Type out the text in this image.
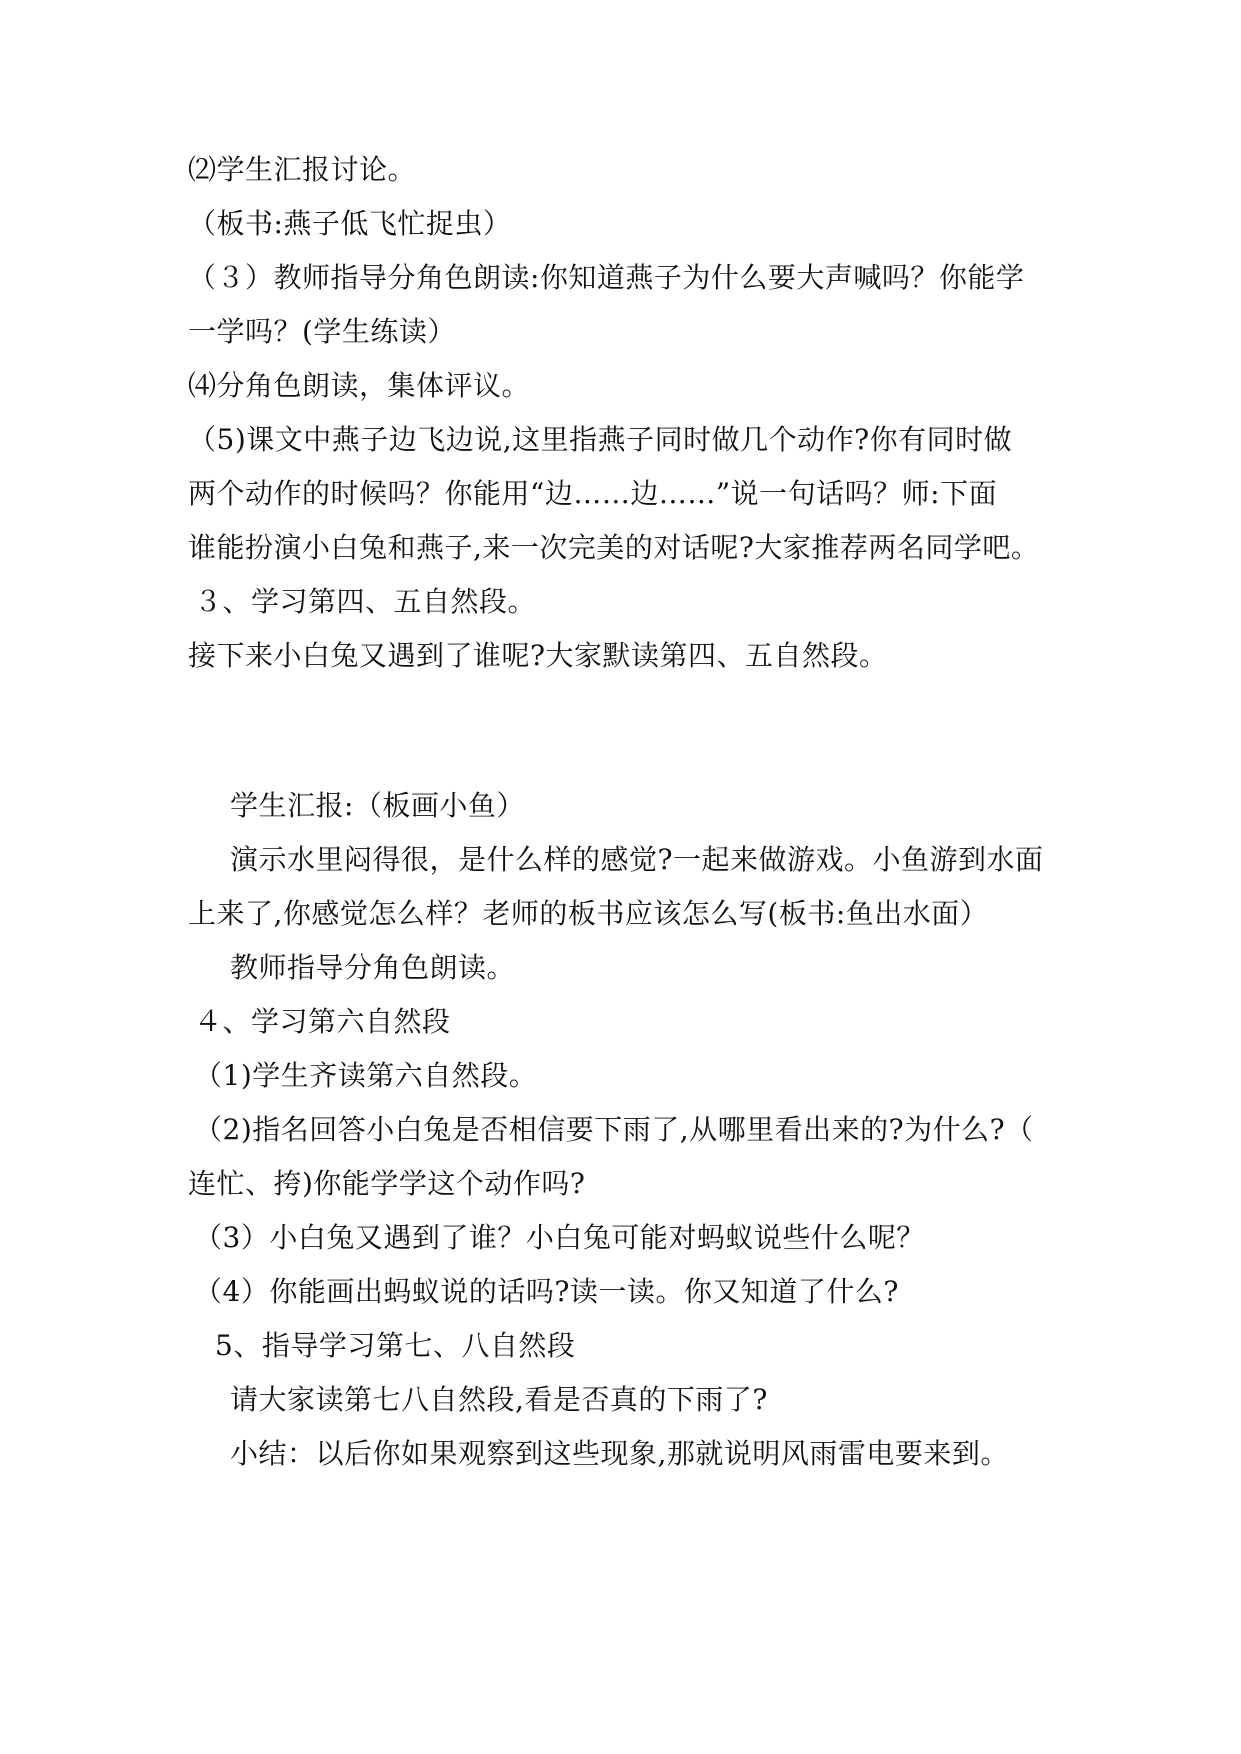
⑵学生汇报讨论。
（板书:燕子低飞忙捉虫）
（３）教师指导分角色朗读:你知道燕子为什么要大声喊吗？你能学
一学吗？(学生练读）
⑷分角色朗读，集体评议。
（5)课文中燕子边飞边说,这里指燕子同时做几个动作?你有同时做
两个动作的时候吗？你能用“边……边……”说一句话吗？师:下面
谁能扮演小白兔和燕子,来一次完美的对话呢?大家推荐两名同学吧。
３、学习第四、五自然段。
接下来小白兔又遇到了谁呢?大家默读第四、五自然段。
学生汇报:（板画小鱼）
演示水里闷得很，是什么样的感觉?一起来做游戏。小鱼游到水面
上来了,你感觉怎么样？老师的板书应该怎么写(板书:鱼出水面）
教师指导分角色朗读。
４、学习第六自然段
（1)学生齐读第六自然段。
（2)指名回答小白兔是否相信要下雨了,从哪里看出来的?为什么?（
连忙、挎)你能学学这个动作吗?
（3）小白兔又遇到了谁？小白兔可能对蚂蚁说些什么呢？
（4）你能画出蚂蚁说的话吗?读一读。你又知道了什么?
5、指导学习第七、八自然段
请大家读第七八自然段,看是否真的下雨了?
小结：以后你如果观察到这些现象,那就说明风雨雷电要来到。
